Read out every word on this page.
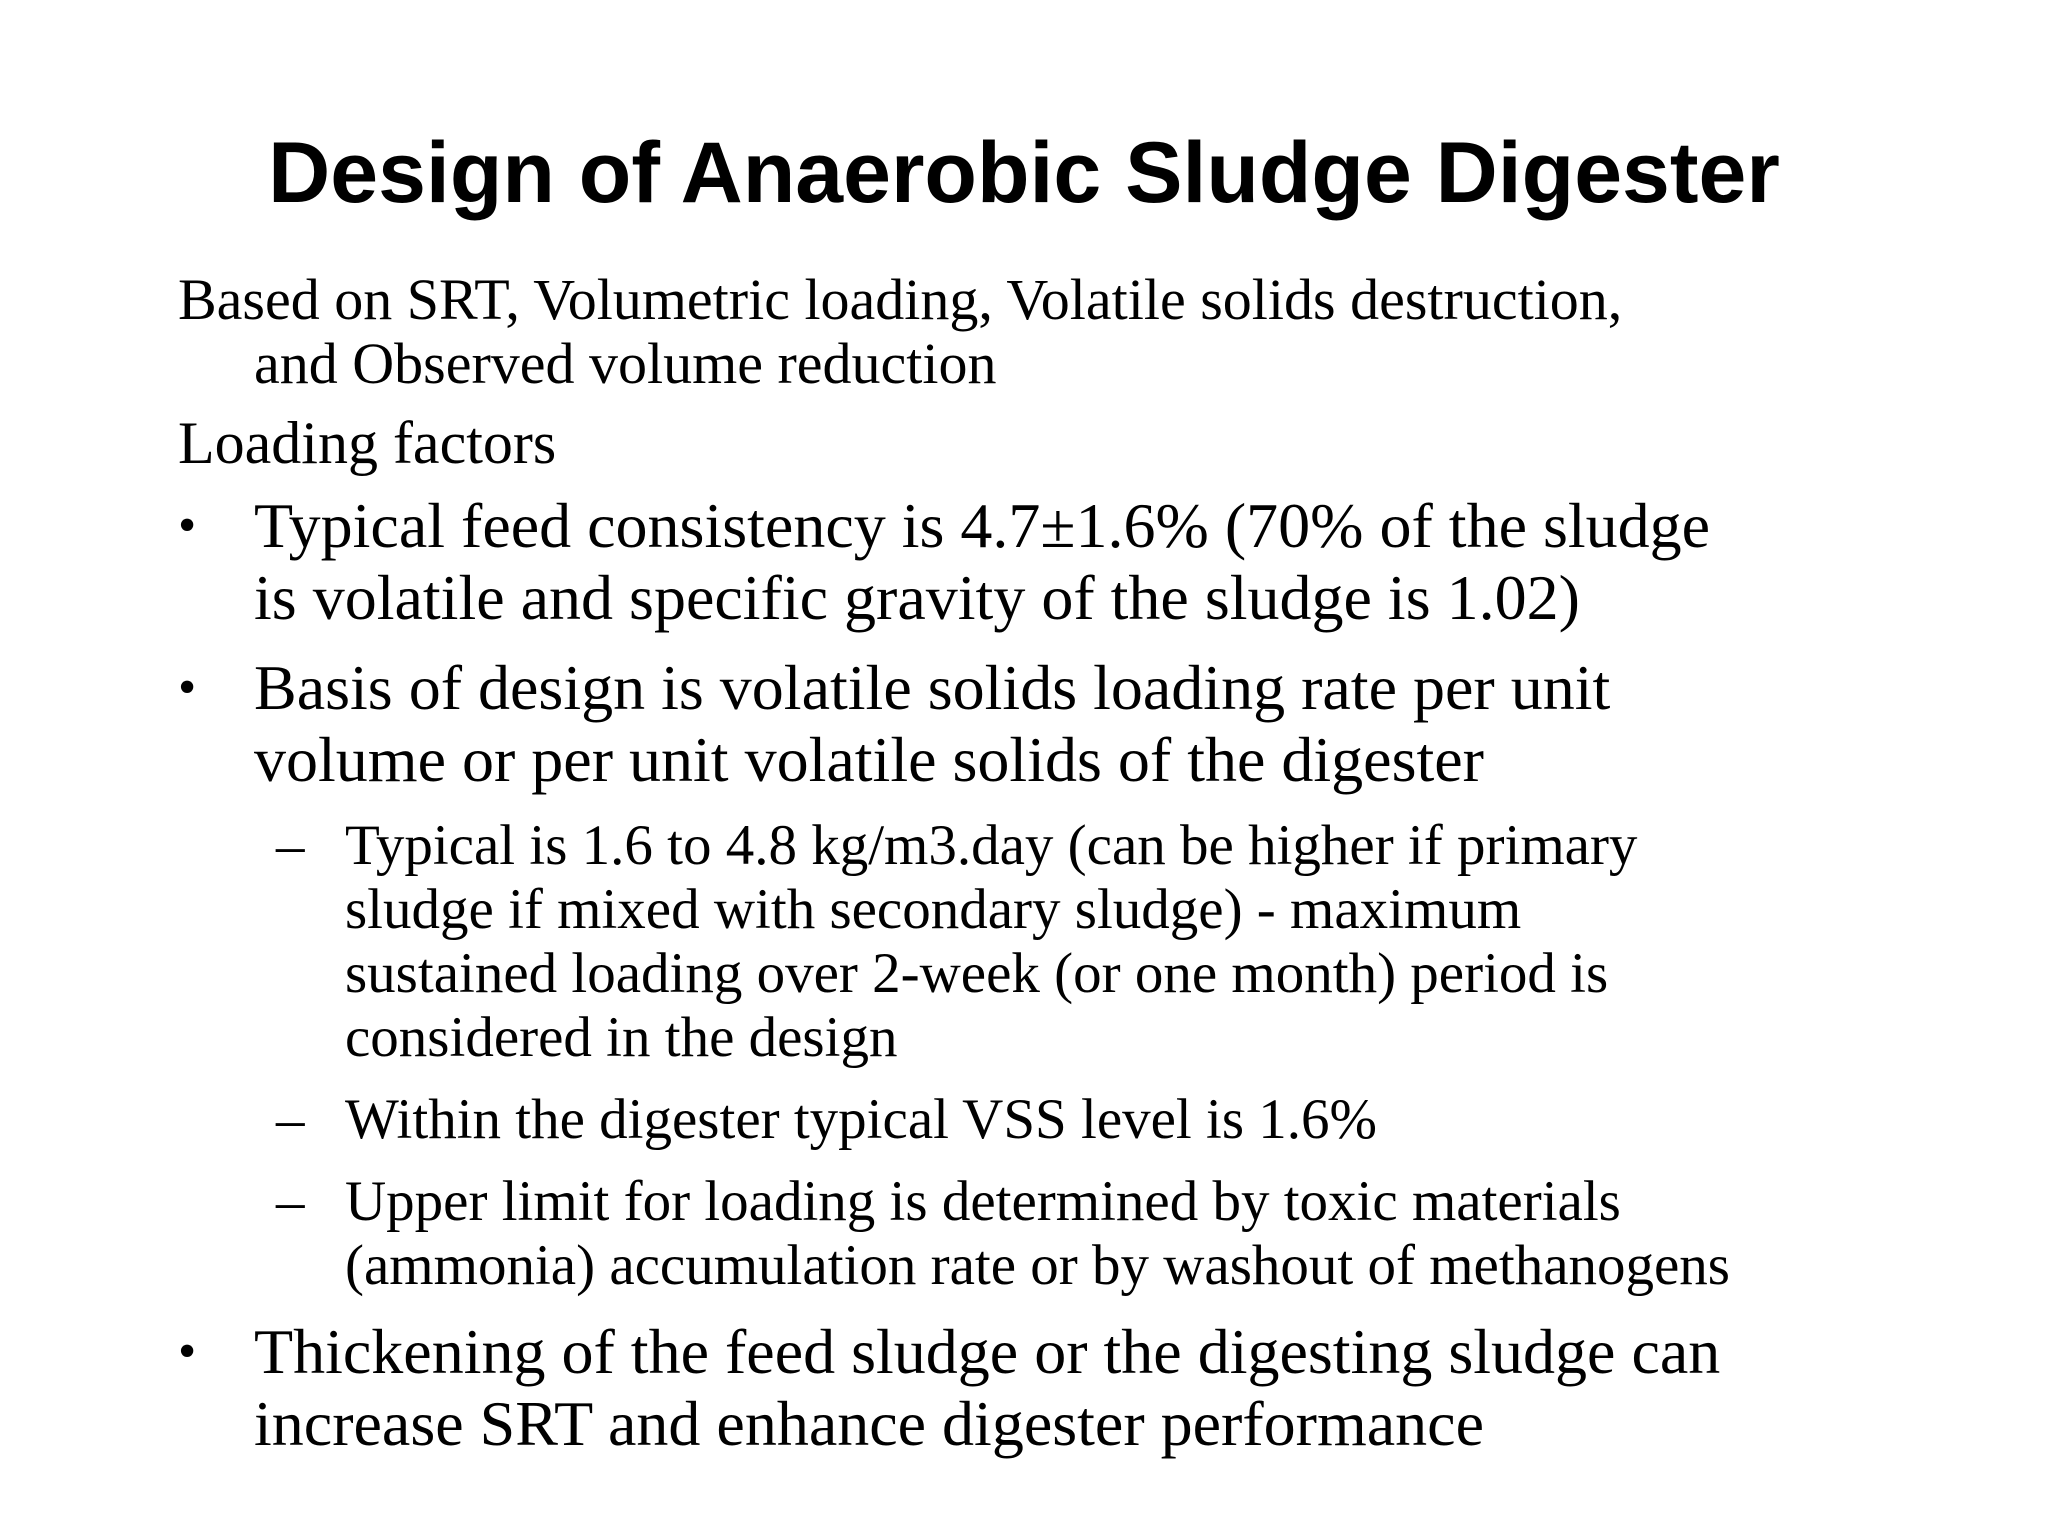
Design of Anaerobic Sludge Digester

Based on SRT, Volumetric loading, Volatile solids destruction,
and Observed volume reduction

Loading factors

• Typical feed consistency is 4.7±1.6% (70% of the sludge
is volatile and specific gravity of the sludge is 1.02)
• Basis of design is volatile solids loading rate per unit
volume or per unit volatile solids of the digester
– Typical is 1.6 to 4.8 kg/m3.day (can be higher if primary
sludge if mixed with secondary sludge) - maximum
sustained loading over 2-week (or one month) period is
considered in the design
– Within the digester typical VSS level is 1.6%
– Upper limit for loading is determined by toxic materials
(ammonia) accumulation rate or by washout of methanogens
• Thickening of the feed sludge or the digesting sludge can
increase SRT and enhance digester performance
